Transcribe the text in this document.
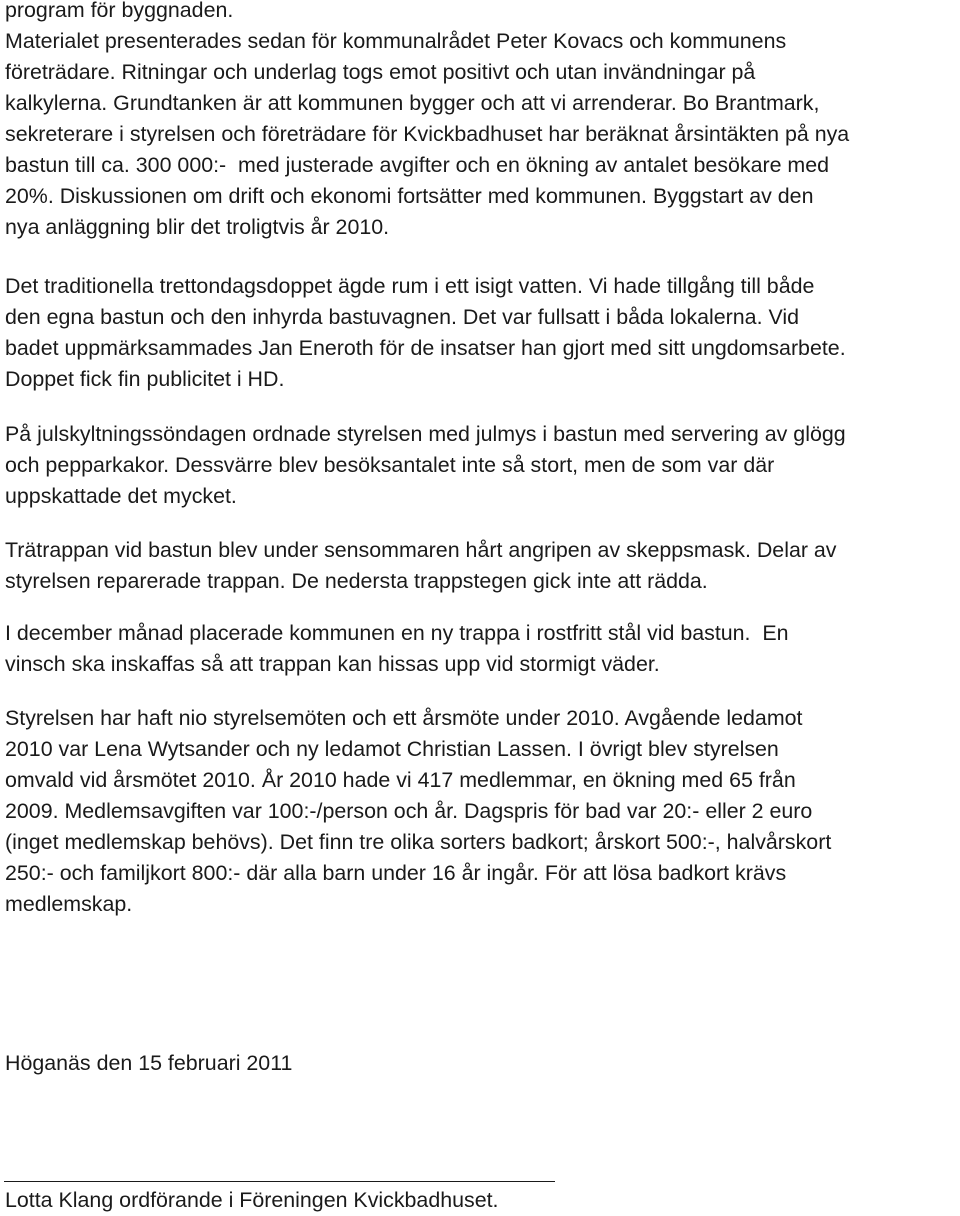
program för byggnaden.
Materialet presenterades sedan för kommunalrådet Peter Kovacs och kommunens
företrädare. Ritningar och underlag togs emot positivt och utan invändningar på
kalkylerna. Grundtanken är att kommunen bygger och att vi arrenderar. Bo Brantmark,
sekreterare i styrelsen och företrädare för Kvickbadhuset har beräknat årsintäkten på nya
bastun till ca. 300 000:-  med justerade avgifter och en ökning av antalet besökare med
20%. Diskussionen om drift och ekonomi fortsätter med kommunen. Byggstart av den
nya anläggning blir det troligtvis år 2010.
Det traditionella trettondagsdoppet ägde rum i ett isigt vatten. Vi hade tillgång till både
den egna bastun och den inhyrda bastuvagnen. Det var fullsatt i båda lokalerna. Vid
badet uppmärksammades Jan Eneroth för de insatser han gjort med sitt ungdomsarbete.
Doppet fick fin publicitet i HD.
På julskyltningssöndagen ordnade styrelsen med julmys i bastun med servering av glögg
och pepparkakor. Dessvärre blev besöksantalet inte så stort, men de som var där
uppskattade det mycket.
Trätrappan vid bastun blev under sensommaren hårt angripen av skeppsmask. Delar av
styrelsen reparerade trappan. De nedersta trappstegen gick inte att rädda.
I december månad placerade kommunen en ny trappa i rostfritt stål vid bastun.  En
vinsch ska inskaffas så att trappan kan hissas upp vid stormigt väder.
Styrelsen har haft nio styrelsemöten och ett årsmöte under 2010. Avgående ledamot
2010 var Lena Wytsander och ny ledamot Christian Lassen. I övrigt blev styrelsen
omvald vid årsmötet 2010. År 2010 hade vi 417 medlemmar, en ökning med 65 från
2009. Medlemsavgiften var 100:-/person och år. Dagspris för bad var 20:- eller 2 euro
(inget medlemskap behövs). Det finn tre olika sorters badkort; årskort 500:-, halvårskort
250:- och familjkort 800:- där alla barn under 16 år ingår. För att lösa badkort krävs
medlemskap.
Höganäs den 15 februari 2011
Lotta Klang ordförande i Föreningen Kvickbadhuset.
